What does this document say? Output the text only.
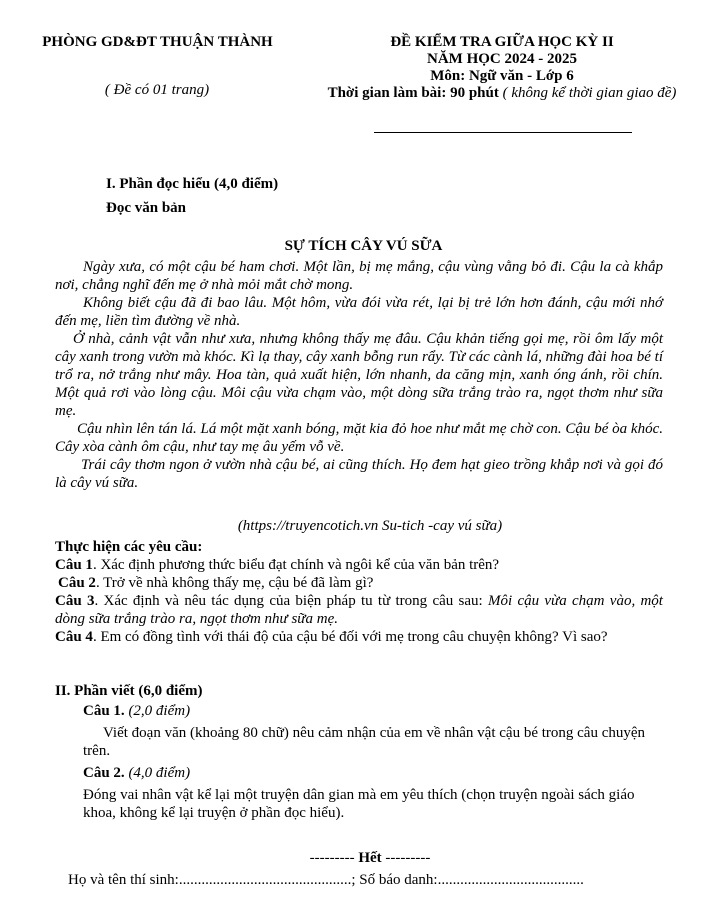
PHÒNG GD&ĐT THUẬN THÀNH
( Đề có 01 trang)
ĐỀ KIỂM TRA GIỮA HỌC KỲ II
NĂM HỌC 2024 - 2025
Môn: Ngữ văn - Lớp 6
Thời gian làm bài: 90 phút ( không kể thời gian giao đề)
I. Phần đọc hiểu (4,0 điểm)
Đọc văn bản
SỰ TÍCH CÂY VÚ SỮA

Ngày xưa, có một cậu bé ham chơi. Một lần, bị mẹ mắng, cậu vùng vằng bỏ đi. Cậu la cà khắp nơi, chẳng nghĩ đến mẹ ở nhà mỏi mắt chờ mong.

Không biết cậu đã đi bao lâu. Một hôm, vừa đói vừa rét, lại bị trẻ lớn hơn đánh, cậu mới nhớ đến mẹ, liền tìm đường về nhà.

Ở nhà, cảnh vật vẫn như xưa, nhưng không thấy mẹ đâu. Cậu khản tiếng gọi mẹ, rồi ôm lấy một cây xanh trong vườn mà khóc. Kì lạ thay, cây xanh bỗng run rẩy. Từ các cành lá, những đài hoa bé tí trổ ra, nở trắng như mây. Hoa tàn, quả xuất hiện, lớn nhanh, da căng mịn, xanh óng ánh, rồi chín. Một quả rơi vào lòng cậu. Môi cậu vừa chạm vào, một dòng sữa trắng trào ra, ngọt thơm như sữa mẹ.

Cậu nhìn lên tán lá. Lá một mặt xanh bóng, mặt kia đỏ hoe như mắt mẹ chờ con. Cậu bé òa khóc. Cây xòa cành ôm cậu, như tay mẹ âu yếm vỗ về.

Trái cây thơm ngon ở vườn nhà cậu bé, ai cũng thích. Họ đem hạt gieo trồng khắp nơi và gọi đó là cây vú sữa.

(https://truyencotich.vn Su-tich -cay vú sữa)

Thực hiện các yêu cầu:

Câu 1. Xác định phương thức biểu đạt chính và ngôi kể của văn bản trên?

Câu 2. Trở về nhà không thấy mẹ, cậu bé đã làm gì?

Câu 3. Xác định và nêu tác dụng của biện pháp tu từ trong câu sau: Môi cậu vừa chạm vào, một dòng sữa trắng trào ra, ngọt thơm như sữa mẹ.

Câu 4. Em có đồng tình với thái độ của cậu bé đối với mẹ trong câu chuyện không? Vì sao?

II. Phần viết (6,0 điểm)

Câu 1. (2,0 điểm)

Viết đoạn văn (khoảng 80 chữ) nêu cảm nhận của em về nhân vật cậu bé trong câu chuyện trên.

Câu 2. (4,0 điểm)

Đóng vai nhân vật kể lại một truyện dân gian mà em yêu thích (chọn truyện ngoài sách giáo khoa, không kể lại truyện ở phần đọc hiểu).

--------- Hết ---------
Họ và tên thí sinh:..............................................; Số báo danh:.......................................
